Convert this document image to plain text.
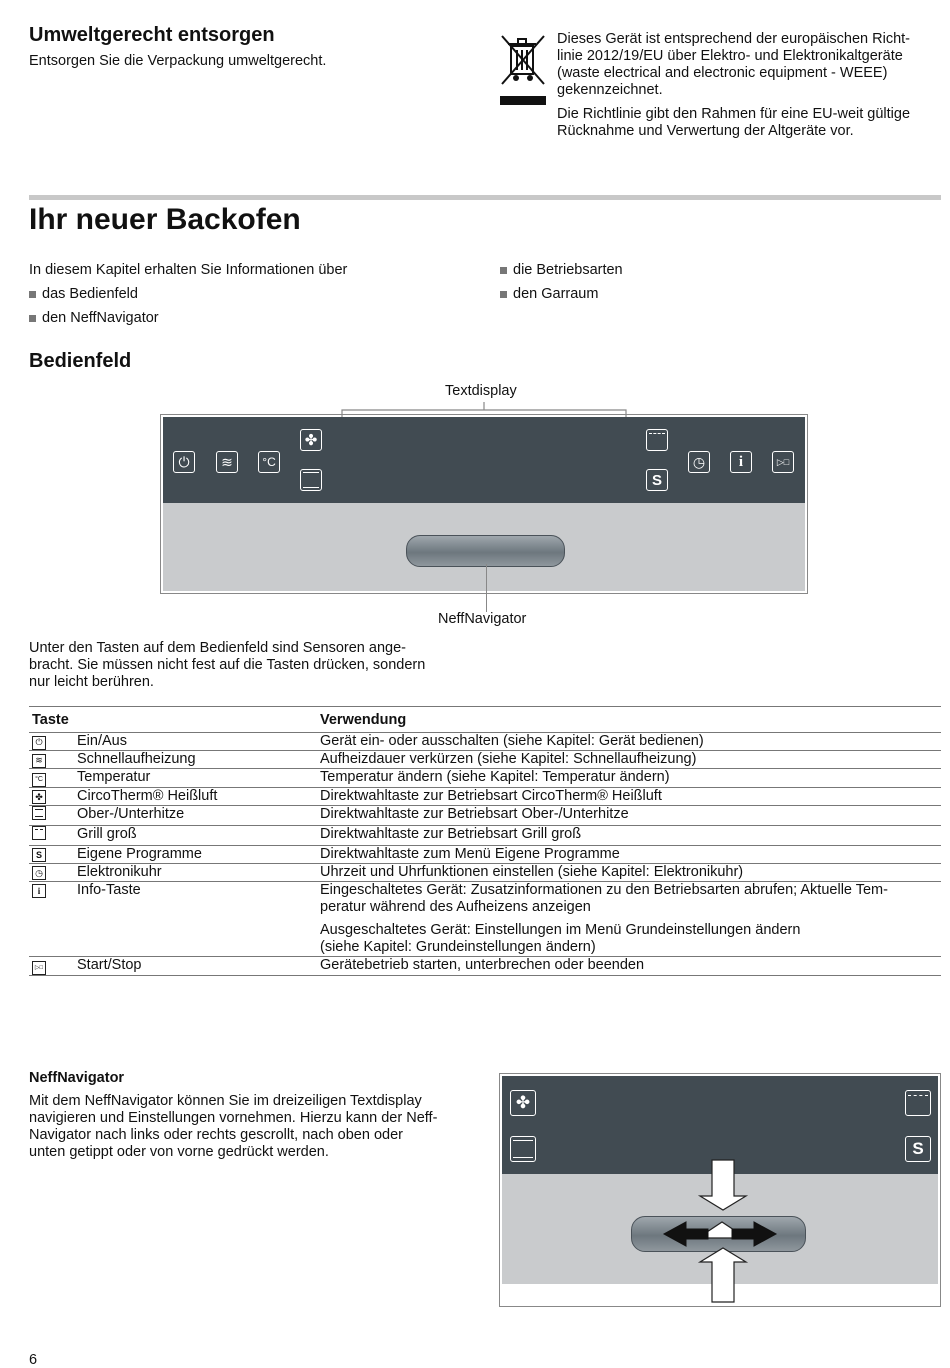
Umweltgerecht entsorgen
Entsorgen Sie die Verpackung umweltgerecht.
Dieses Gerät ist entsprechend der europäischen Richt-
linie 2012/19/EU über Elektro- und Elektronikaltgeräte
(waste electrical and electronic equipment - WEEE)
gekennzeichnet.
Die Richtlinie gibt den Rahmen für eine EU-weit gültige
Rücknahme und Verwertung der Altgeräte vor.
Ihr neuer Backofen
In diesem Kapitel erhalten Sie Informationen über
das Bedienfeld
den NeffNavigator
die Betriebsarten
den Garraum
Bedienfeld
Textdisplay
⏻	≋	°C
✤
S
◷	i	▷□
NeffNavigator
Unter den Tasten auf dem Bedienfeld sind Sensoren ange-
bracht. Sie müssen nicht fest auf die Tasten drücken, sondern
nur leicht berühren.
Taste		Verwendung
⏻	Ein/Aus	Gerät ein- oder ausschalten (siehe Kapitel: Gerät bedienen)
≋	Schnellaufheizung	Aufheizdauer verkürzen (siehe Kapitel: Schnellaufheizung)
°C	Temperatur	Temperatur ändern (siehe Kapitel: Temperatur ändern)
✤	CircoTherm® Heißluft	Direktwahltaste zur Betriebsart CircoTherm® Heißluft

	Ober-/Unterhitze	Direktwahltaste zur Betriebsart Ober-/Unterhitze

	Grill groß	Direktwahltaste zur Betriebsart Grill groß
S	Eigene Programme	Direktwahltaste zum Menü Eigene Programme
◷	Elektronikuhr	Uhrzeit und Uhrfunktionen einstellen (siehe Kapitel: Elektronikuhr)
i	Info-Taste	Eingeschaltetes Gerät: Zusatzinformationen zu den Betriebsarten abrufen; Aktuelle Tem-
peratur während des Aufheizens anzeigen
Ausgeschaltetes Gerät: Einstellungen im Menü Grundeinstellungen ändern
(siehe Kapitel: Grundeinstellungen ändern)

▷□	Start/Stop	Gerätebetrieb starten, unterbrechen oder beenden
NeffNavigator
Mit dem NeffNavigator können Sie im dreizeiligen Textdisplay
navigieren und Einstellungen vornehmen. Hierzu kann der Neff-
Navigator nach links oder rechts gescrollt, nach oben oder
unten getippt oder von vorne gedrückt werden.
✤
S
6
